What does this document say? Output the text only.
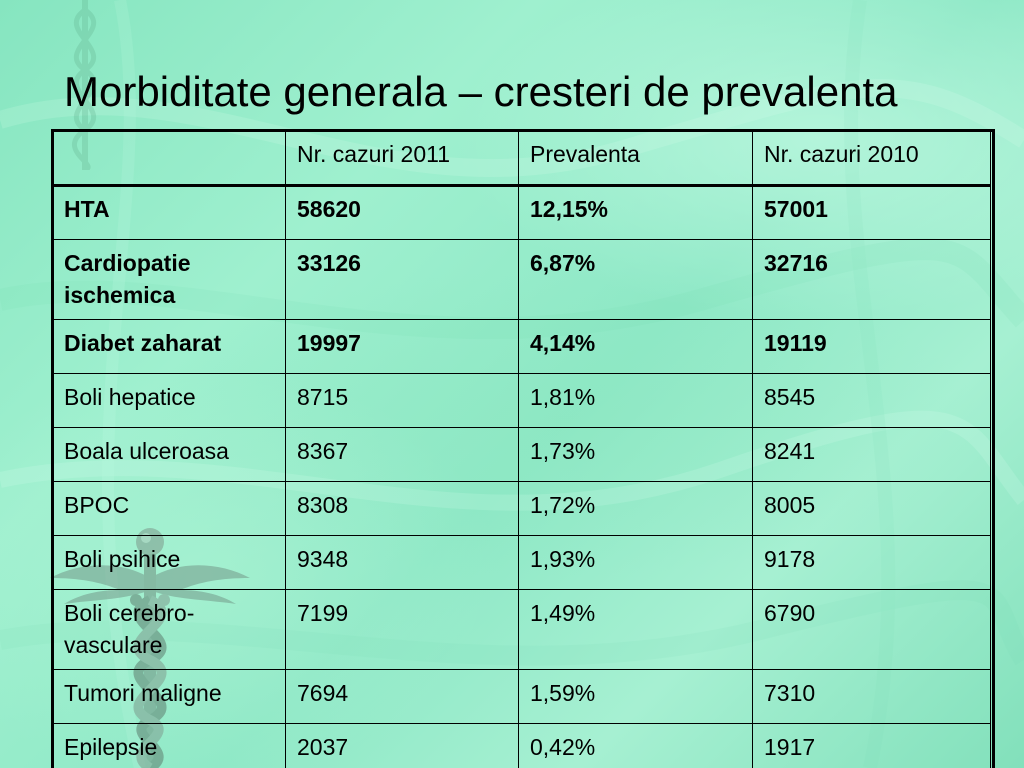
Morbiditate generala – cresteri de prevalenta
	Nr. cazuri 2011	Prevalenta	Nr. cazuri 2010
HTA	58620	12,15%	57001
Cardiopatie ischemica	33126	6,87%	32716
Diabet zaharat	19997	4,14%	19119
Boli hepatice	8715	1,81%	8545
Boala ulceroasa	8367	1,73%	8241
BPOC	8308	1,72%	8005
Boli psihice	9348	1,93%	9178
Boli cerebro-vasculare	7199	1,49%	6790
Tumori maligne	7694	1,59%	7310
Epilepsie	2037	0,42%	1917
